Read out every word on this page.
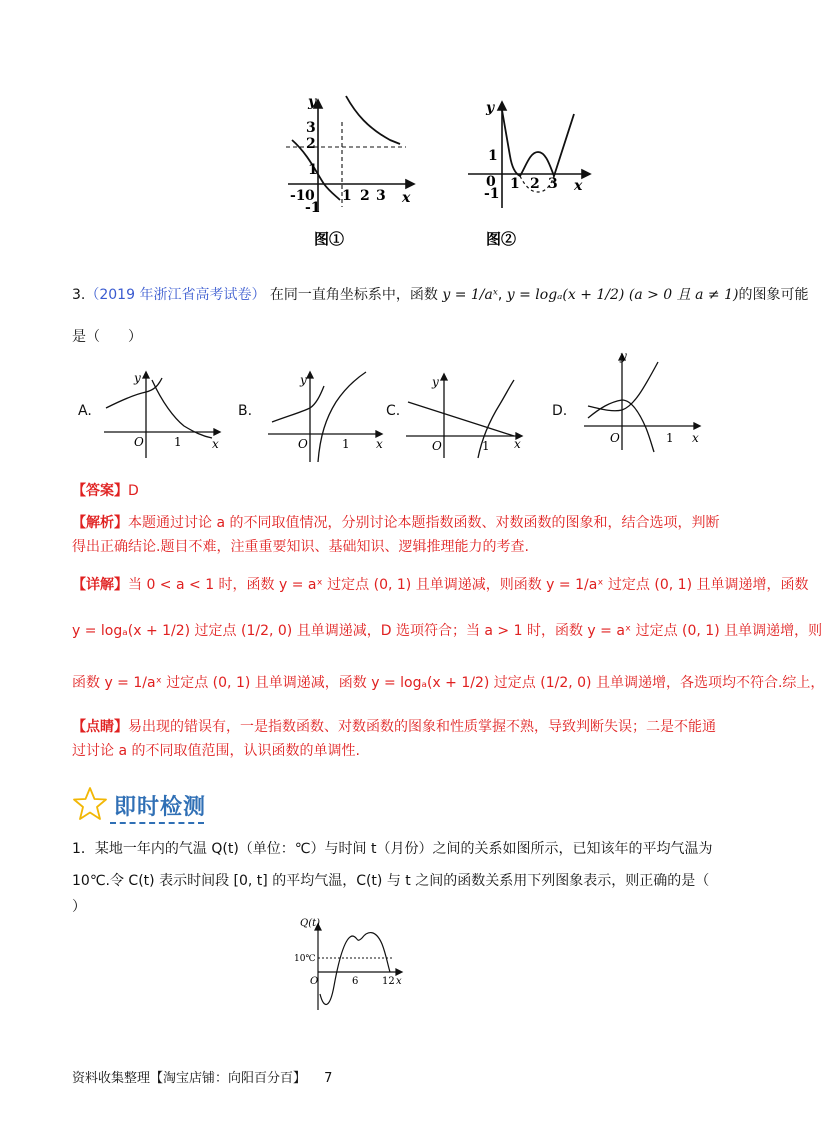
y
x
3
2
1
-1
-1 0 1 2 3
图①
y
x
1
-1
0 1 2 3
图②
3.（2019 年浙江省高考试卷） 在同一直角坐标系中，函数 y = 1/aˣ, y = logₐ(x + 1/2) (a > 0 且 a ≠ 1)的图象可能
是（　　）
A.
y
x
O	1
B.
y
x
O	1
C.
y
x
O	1
D.
y
x
O	1
【答案】D
【解析】本题通过讨论 a 的不同取值情况，分别讨论本题指数函数、对数函数的图象和，结合选项，判断
得出正确结论.题目不难，注重重要知识、基础知识、逻辑推理能力的考查.
【详解】当 0 < a < 1 时，函数 y = aˣ 过定点 (0, 1) 且单调递减，则函数 y = 1/aˣ 过定点 (0, 1) 且单调递增，函数
y = logₐ(x + 1/2) 过定点 (1/2, 0) 且单调递减，D 选项符合；当 a > 1 时，函数 y = aˣ 过定点 (0, 1) 且单调递增，则
函数 y = 1/aˣ 过定点 (0, 1) 且单调递减，函数 y = logₐ(x + 1/2) 过定点 (1/2, 0) 且单调递增，各选项均不符合.综上，
【点睛】易出现的错误有，一是指数函数、对数函数的图象和性质掌握不熟，导致判断失误；二是不能通
过讨论 a 的不同取值范围，认识函数的单调性.
即时检测
1．某地一年内的气温 Q(t)（单位：℃）与时间 t（月份）之间的关系如图所示，已知该年的平均气温为
10℃.令 C(t) 表示时间段 [0, t] 的平均气温，C(t) 与 t 之间的函数关系用下列图象表示，则正确的是（
）
Q(t)
10℃
O	6 12 x
资料收集整理【淘宝店铺：向阳百分百】 7
